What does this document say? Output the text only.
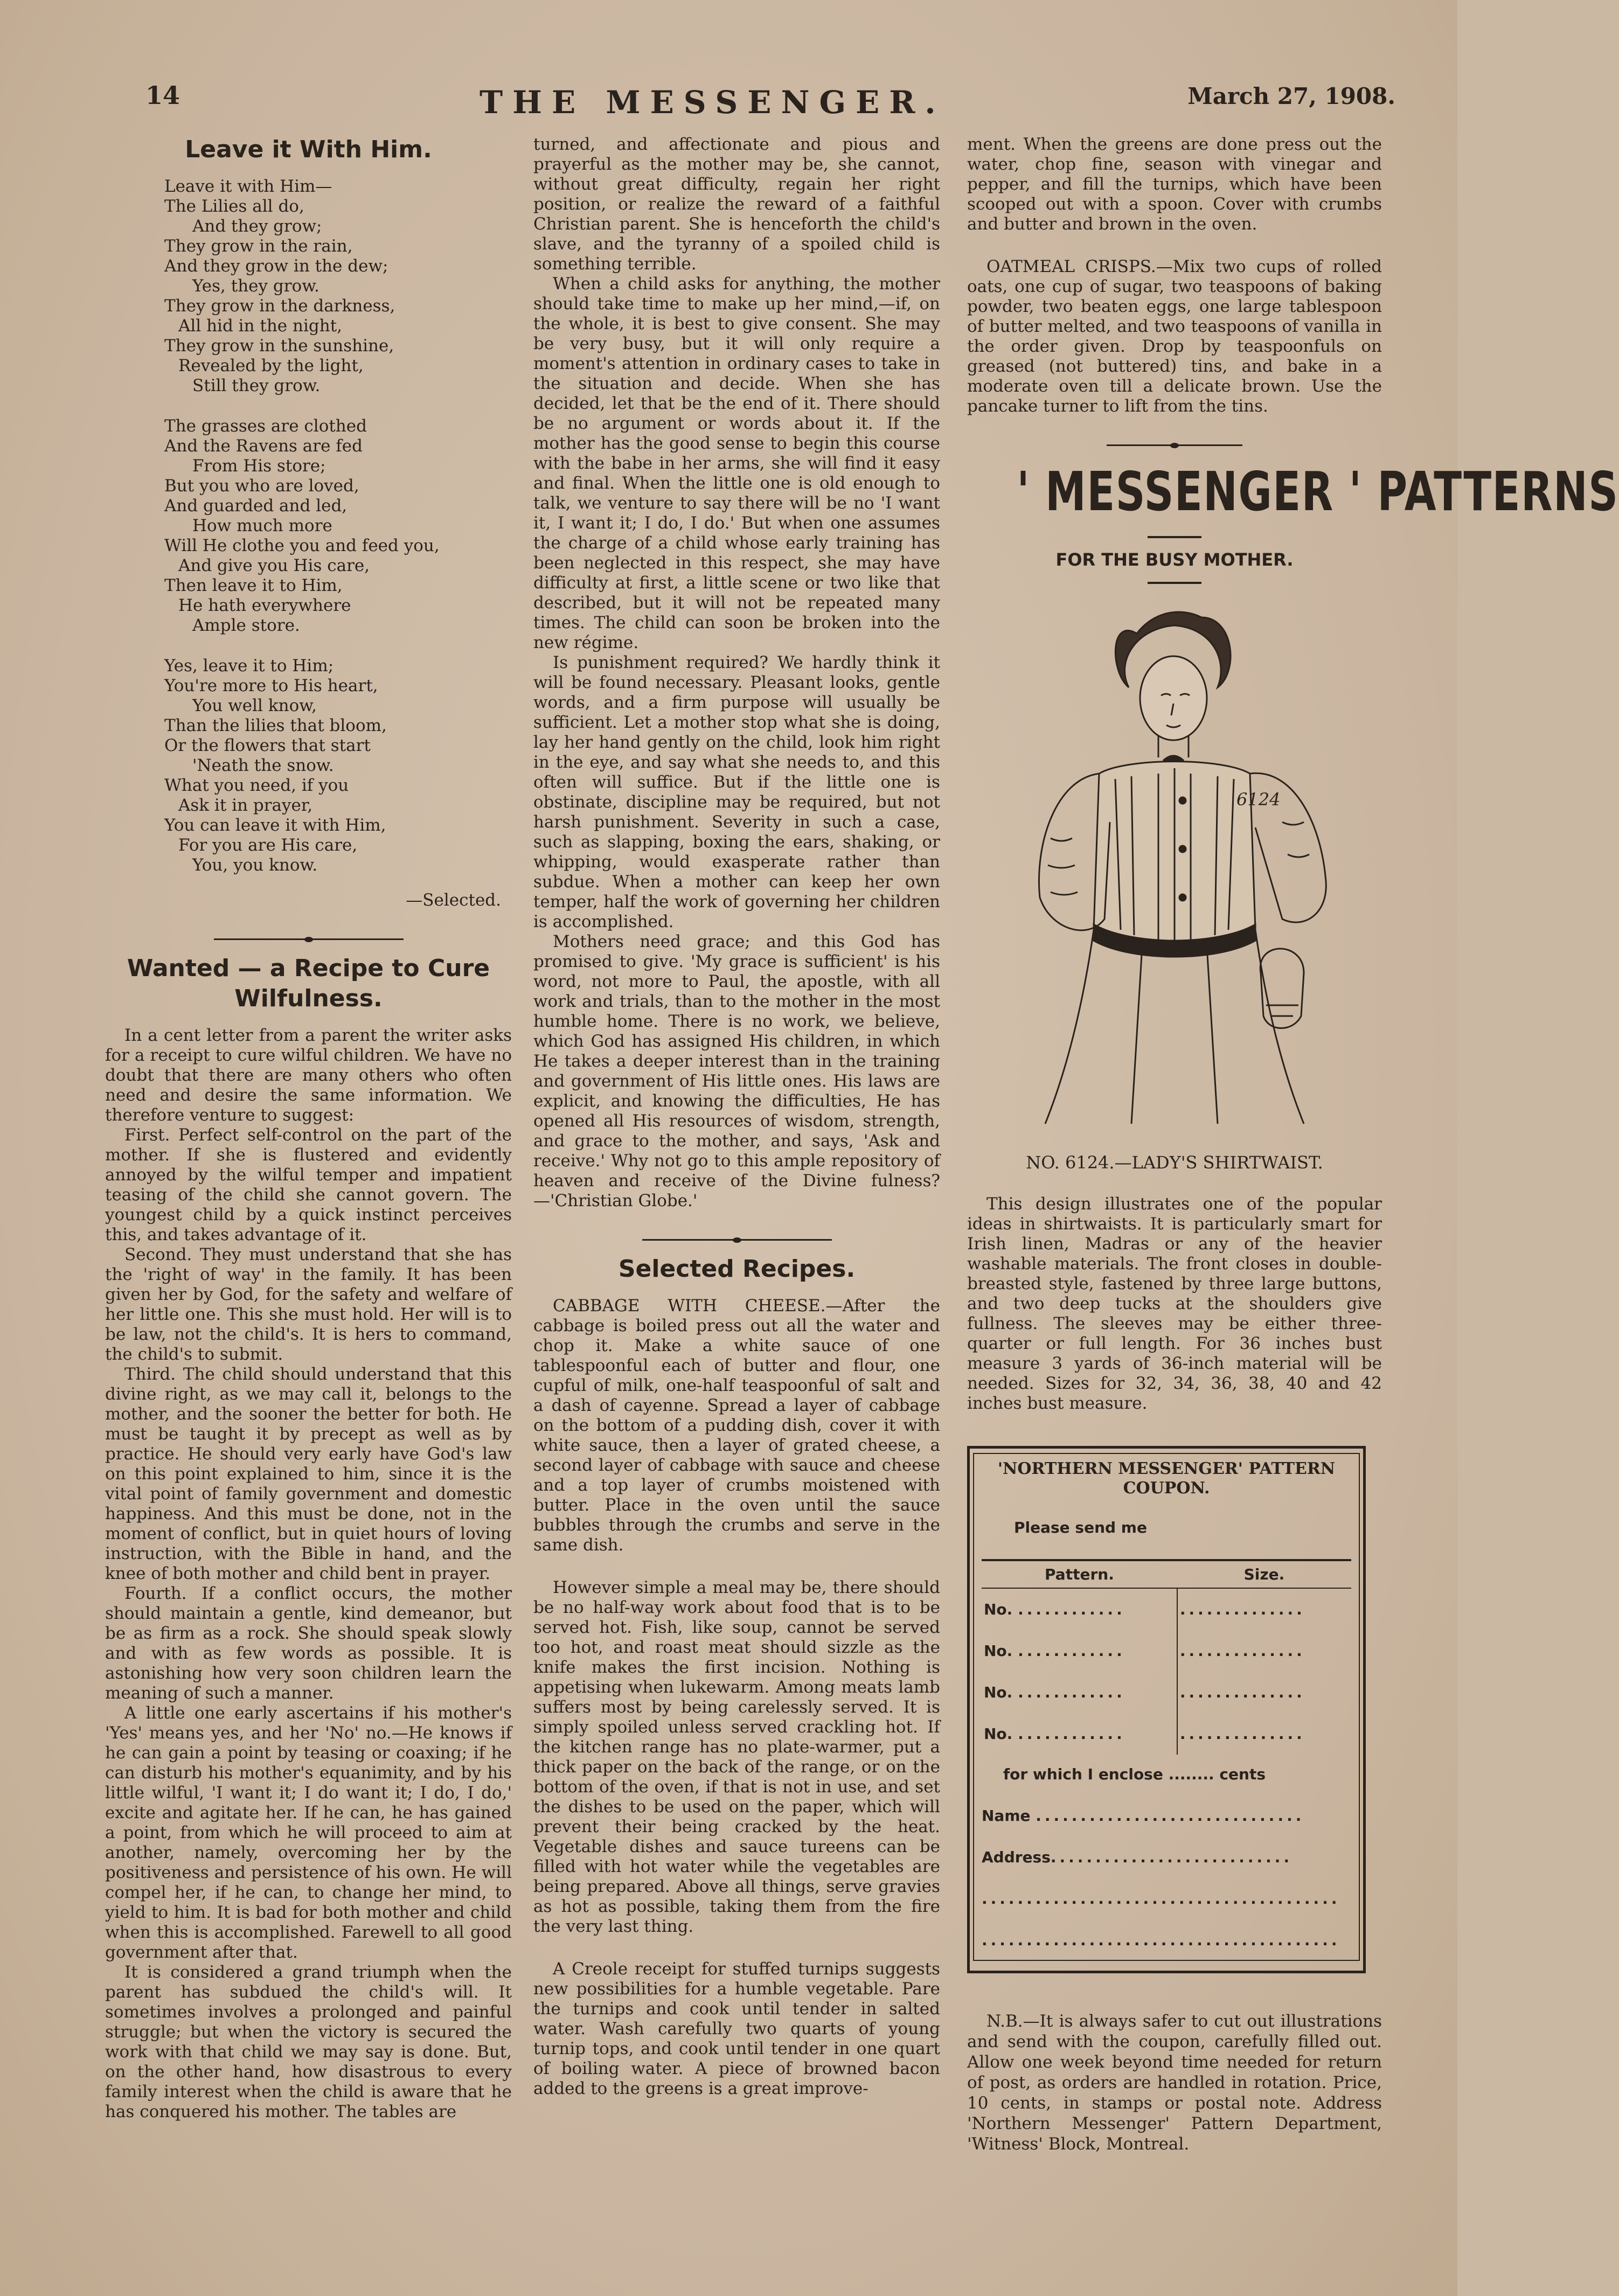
14	THE MESSENGER.	March 27, 1908.
Leave it With Him.
Leave it with Him—
The Lilies all do,
And they grow;
They grow in the rain,
And they grow in the dew;
Yes, they grow.
They grow in the darkness,
All hid in the night,
They grow in the sunshine,
Revealed by the light,
Still they grow.
The grasses are clothed
And the Ravens are fed
From His store;
But you who are loved,
And guarded and led,
How much more
Will He clothe you and feed you,
And give you His care,
Then leave it to Him,
He hath everywhere
Ample store.
Yes, leave it to Him;
You're more to His heart,
You well know,
Than the lilies that bloom,
Or the flowers that start
'Neath the snow.
What you need, if you
Ask it in prayer,
You can leave it with Him,
For you are His care,
You, you know.
—Selected.
Wanted — a Recipe to Cure Wilfulness.

In a cent letter from a parent the writer asks for a receipt to cure wilful children. We have no doubt that there are many others who often need and desire the same information. We therefore venture to suggest:

First. Perfect self-control on the part of the mother. If she is flustered and evidently annoyed by the wilful temper and impatient teasing of the child she cannot govern. The youngest child by a quick instinct perceives this, and takes advantage of it.

Second. They must understand that she has the 'right of way' in the family. It has been given her by God, for the safety and welfare of her little one. This she must hold. Her will is to be law, not the child's. It is hers to command, the child's to submit.

Third. The child should understand that this divine right, as we may call it, belongs to the mother, and the sooner the better for both. He must be taught it by precept as well as by practice. He should very early have God's law on this point explained to him, since it is the vital point of family government and domestic happiness. And this must be done, not in the moment of conflict, but in quiet hours of loving instruction, with the Bible in hand, and the knee of both mother and child bent in prayer.

Fourth. If a conflict occurs, the mother should maintain a gentle, kind demeanor, but be as firm as a rock. She should speak slowly and with as few words as possible. It is astonishing how very soon children learn the meaning of such a manner.

A little one early ascertains if his mother's 'Yes' means yes, and her 'No' no.—He knows if he can gain a point by teasing or coaxing; if he can disturb his mother's equanimity, and by his little wilful, 'I want it; I do want it; I do, I do,' excite and agitate her. If he can, he has gained a point, from which he will proceed to aim at another, namely, overcoming her by the positiveness and persistence of his own. He will compel her, if he can, to change her mind, to yield to him. It is bad for both mother and child when this is accomplished. Farewell to all good government after that.

It is considered a grand triumph when the parent has subdued the child's will. It sometimes involves a prolonged and painful struggle; but when the victory is secured the work with that child we may say is done. But, on the other hand, how disastrous to every family interest when the child is aware that he has conquered his mother. The tables are

turned, and affectionate and pious and prayerful as the mother may be, she cannot, without great difficulty, regain her right position, or realize the reward of a faithful Christian parent. She is henceforth the child's slave, and the tyranny of a spoiled child is something terrible.

When a child asks for anything, the mother should take time to make up her mind,—if, on the whole, it is best to give consent. She may be very busy, but it will only require a moment's attention in ordinary cases to take in the situation and decide. When she has decided, let that be the end of it. There should be no argument or words about it. If the mother has the good sense to begin this course with the babe in her arms, she will find it easy and final. When the little one is old enough to talk, we venture to say there will be no 'I want it, I want it; I do, I do.' But when one assumes the charge of a child whose early training has been neglected in this respect, she may have difficulty at first, a little scene or two like that described, but it will not be repeated many times. The child can soon be broken into the new régime.

Is punishment required? We hardly think it will be found necessary. Pleasant looks, gentle words, and a firm purpose will usually be sufficient. Let a mother stop what she is doing, lay her hand gently on the child, look him right in the eye, and say what she needs to, and this often will suffice. But if the little one is obstinate, discipline may be required, but not harsh punishment. Severity in such a case, such as slapping, boxing the ears, shaking, or whipping, would exasperate rather than subdue. When a mother can keep her own temper, half the work of governing her children is accomplished.

Mothers need grace; and this God has promised to give. 'My grace is sufficient' is his word, not more to Paul, the apostle, with all work and trials, than to the mother in the most humble home. There is no work, we believe, which God has assigned His children, in which He takes a deeper interest than in the training and government of His little ones. His laws are explicit, and knowing the difficulties, He has opened all His resources of wisdom, strength, and grace to the mother, and says, 'Ask and receive.' Why not go to this ample repository of heaven and receive of the Divine fulness?—'Christian Globe.'

Selected Recipes.

CABBAGE WITH CHEESE.—After the cabbage is boiled press out all the water and chop it. Make a white sauce of one tablespoonful each of butter and flour, one cupful of milk, one-half teaspoonful of salt and a dash of cayenne. Spread a layer of cabbage on the bottom of a pudding dish, cover it with white sauce, then a layer of grated cheese, a second layer of cabbage with sauce and cheese and a top layer of crumbs moistened with butter. Place in the oven until the sauce bubbles through the crumbs and serve in the same dish.

However simple a meal may be, there should be no half-way work about food that is to be served hot. Fish, like soup, cannot be served too hot, and roast meat should sizzle as the knife makes the first incision. Nothing is appetising when lukewarm. Among meats lamb suffers most by being carelessly served. It is simply spoiled unless served crackling hot. If the kitchen range has no plate-warmer, put a thick paper on the back of the range, or on the bottom of the oven, if that is not in use, and set the dishes to be used on the paper, which will prevent their being cracked by the heat. Vegetable dishes and sauce tureens can be filled with hot water while the vegetables are being prepared. Above all things, serve gravies as hot as possible, taking them from the fire the very last thing.

A Creole receipt for stuffed turnips suggests new possibilities for a humble vegetable. Pare the turnips and cook until tender in salted water. Wash carefully two quarts of young turnip tops, and cook until tender in one quart of boiling water. A piece of browned bacon added to the greens is a great improve-

ment. When the greens are done press out the water, chop fine, season with vinegar and pepper, and fill the turnips, which have been scooped out with a spoon. Cover with crumbs and butter and brown in the oven.

OATMEAL CRISPS.—Mix two cups of rolled oats, one cup of sugar, two teaspoons of baking powder, two beaten eggs, one large tablespoon of butter melted, and two teaspoons of vanilla in the order given. Drop by teaspoonfuls on greased (not buttered) tins, and bake in a moderate oven till a delicate brown. Use the pancake turner to lift from the tins.

' MESSENGER ' PATTERNS
FOR THE BUSY MOTHER.
6124
NO. 6124.—LADY'S SHIRTWAIST.

This design illustrates one of the popular ideas in shirtwaists. It is particularly smart for Irish linen, Madras or any of the heavier washable materials. The front closes in double-breasted style, fastened by three large buttons, and two deep tucks at the shoulders give fullness. The sleeves may be either three-quarter or full length. For 36 inches bust measure 3 yards of 36-inch material will be needed. Sizes for 32, 34, 36, 38, 40 and 42 inches bust measure.

'NORTHERN MESSENGER' PATTERN COUPON.
Please send me
Pattern.	Size.
No. ............	..............
No. ............	..............
No. ............	..............
No. ............	..............
for which I enclose ........ cents
Name ..............................
Address...........................
........................................
........................................

N.B.—It is always safer to cut out illustrations and send with the coupon, carefully filled out. Allow one week beyond time needed for return of post, as orders are handled in rotation. Price, 10 cents, in stamps or postal note. Address 'Northern Messenger' Pattern Department, 'Witness' Block, Montreal.
